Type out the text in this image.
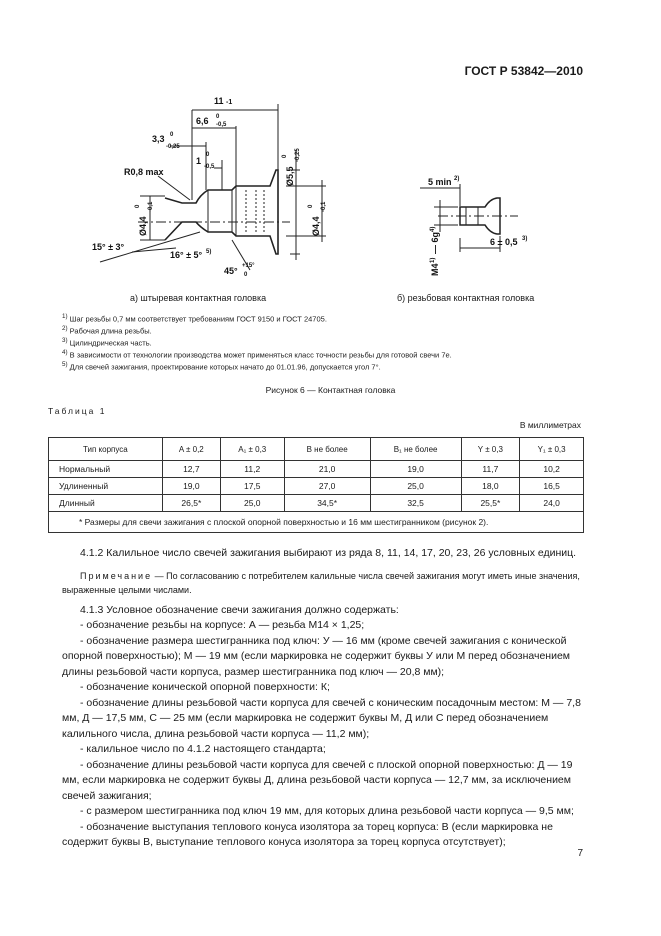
ГОСТ Р 53842—2010
11 -1
6,6 0
-0,5
3,3 0
-0,25
1
0
-0,5
R0,8 max
15° ± 3°
16° ± 5° 5)
45° +15°
0
Ø5,5
0 -0,25
Ø4,4
0 -0,1
Ø4,4
0 -0,1
5 min 2)
6 ± 0,5 3)
M4
1)
— 6g
4)
а) штыревая контактная головка	б) резьбовая контактная головка
$^{1)}$ Шаг резьбы 0,7 мм соответствует требованиям ГОСТ 9150 и ГОСТ 24705.
$^{2)}$ Рабочая длина резьбы.
$^{3)}$ Цилиндрическая часть.
$^{4)}$ В зависимости от технологии производства может применяться класс точности резьбы для готовой свечи 7е.
$^{5)}$ Для свечей зажигания, проектирование которых начато до 01.01.96, допускается угол 7°.
Рисунок 6 — Контактная головка
Таблица 1
В миллиметрах
Тип корпуса	A ± 0,2	A₁ ± 0,3	B не более	B₁ не более	Y ± 0,3	Y₁ ± 0,3
Нормальный	12,7	11,2	21,0	19,0	11,7	10,2
Удлиненный	19,0	17,5	27,0	25,0	18,0	16,5
Длинный	26,5*	25,0	34,5*	32,5	25,5*	24,0
* Размеры для свечи зажигания с плоской опорной поверхностью и 16 мм шестигранником (рисунок 2).						

4.1.2 Калильное число свечей зажигания выбирают из ряда 8, 11, 14, 17, 20, 23, 26 условных единиц.

Примечание — По согласованию с потребителем калильные числа свечей зажигания могут иметь иные значения, выраженные целыми числами.

4.1.3 Условное обозначение свечи зажигания должно содержать:

- обозначение резьбы на корпусе: А — резьба М14 × 1,25;

- обозначение размера шестигранника под ключ: У — 16 мм (кроме свечей зажигания с конической опорной поверхностью); М — 19 мм (если маркировка не содержит буквы У или М перед обозначением длины резьбовой части корпуса, размер шестигранника под ключ — 20,8 мм);

- обозначение конической опорной поверхности: К;

- обозначение длины резьбовой части корпуса для свечей с коническим посадочным местом: М — 7,8 мм, Д — 17,5 мм, С — 25 мм (если маркировка не содержит буквы М, Д или С перед обозначением калильного числа, длина резьбовой части корпуса — 11,2 мм);

- калильное число по 4.1.2 настоящего стандарта;

- обозначение длины резьбовой части корпуса для свечей с плоской опорной поверхностью: Д — 19 мм, если маркировка не содержит буквы Д, длина резьбовой части корпуса — 12,7 мм, за исключением свечей зажигания;

- с размером шестигранника под ключ 19 мм, для которых длина резьбовой части корпуса — 9,5 мм;

- обозначение выступания теплового конуса изолятора за торец корпуса: В (если маркировка не содержит буквы В, выступание теплового конуса изолятора за торец корпуса отсутствует);

7
